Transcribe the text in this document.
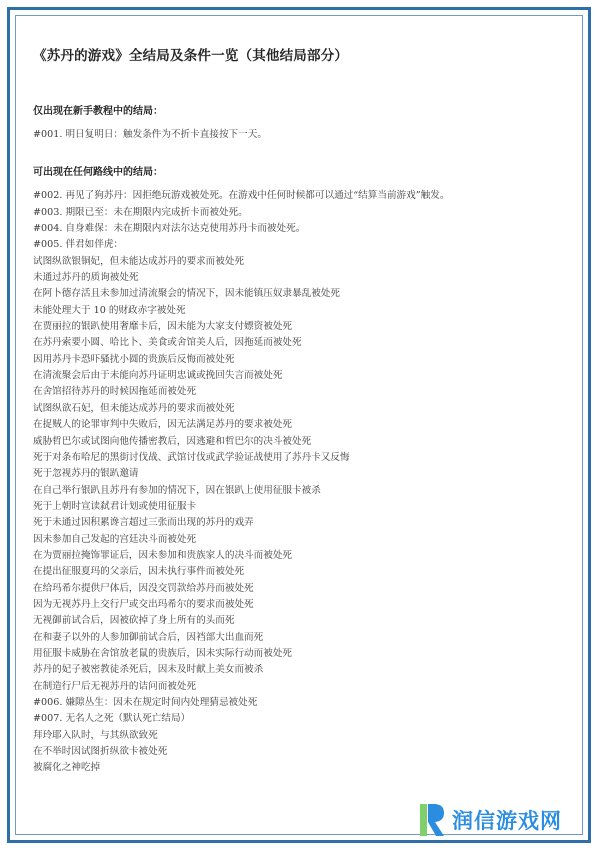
《苏丹的游戏》全结局及条件一览（其他结局部分）
仅出现在新手教程中的结局：
#001. 明日复明日：触发条件为不折卡直接按下一天。
可出现在任何路线中的结局：
#002. 再见了狗苏丹：因拒绝玩游戏被处死。在游戏中任何时候都可以通过“结算当前游戏”触发。
#003. 期限已至：未在期限内完成折卡而被处死。
#004. 自身难保：未在期限内对法尔达克使用苏丹卡而被处死。
#005. 伴君如伴虎：
试图纵欲银铜妃，但未能达成苏丹的要求而被处死
未通过苏丹的质询被处死
在阿卜德存活且未参加过清流聚会的情况下，因未能镇压奴隶暴乱被处死
未能处理大于 10 的财政赤字被处死
在贾丽拉的银趴使用奢靡卡后，因未能为大家支付嫖资被处死
在苏丹索要小圆、哈比卜、美食或舍馆美人后，因拖延而被处死
因用苏丹卡恐吓骚扰小圆的贵族后反悔而被处死
在清流聚会后由于未能向苏丹证明忠诚或挽回失言而被处死
在舍馆招待苏丹的时候因拖延而被处死
试图纵欲石妃，但未能达成苏丹的要求而被处死
在捉贼人的论罪审判中失败后，因无法满足苏丹的要求被处死
威胁哲巴尔或试图向他传播密教后，因逃避和哲巴尔的决斗被处死
死于对条布哈尼的黑街讨伐战、武馆讨伐或武学验证战使用了苏丹卡又反悔
死于忽视苏丹的银趴邀请
在自己举行银趴且苏丹有参加的情况下，因在银趴上使用征服卡被杀
死于上朝时宣读弑君计划或使用征服卡
死于未通过因积累谗言超过三张而出现的苏丹的戏弄
因未参加自己发起的宫廷决斗而被处死
在为贾丽拉掩饰罪证后，因未参加和贵族家人的决斗而被处死
在提出征服夏玛的父亲后，因未执行事件而被处死
在给玛希尔提供尸体后，因没交罚款给苏丹而被处死
因为无视苏丹上交行尸或交出玛希尔的要求而被处死
无视御前试合后，因被砍掉了身上所有的头而死
在和妻子以外的人参加御前试合后，因裆部大出血而死
用征服卡威胁在舍馆放老鼠的贵族后，因未实际行动而被处死
苏丹的妃子被密教徒杀死后，因未及时献上美女而被杀
在制造行尸后无视苏丹的诘问而被处死
#006. 嫌隙丛生：因未在规定时间内处理猜忌被处死
#007. 无名人之死（默认死亡结局）
拜玲耶入队时，与其纵欲致死
在不举时因试图折纵欲卡被处死
被腐化之神吃掉
润信游戏网
